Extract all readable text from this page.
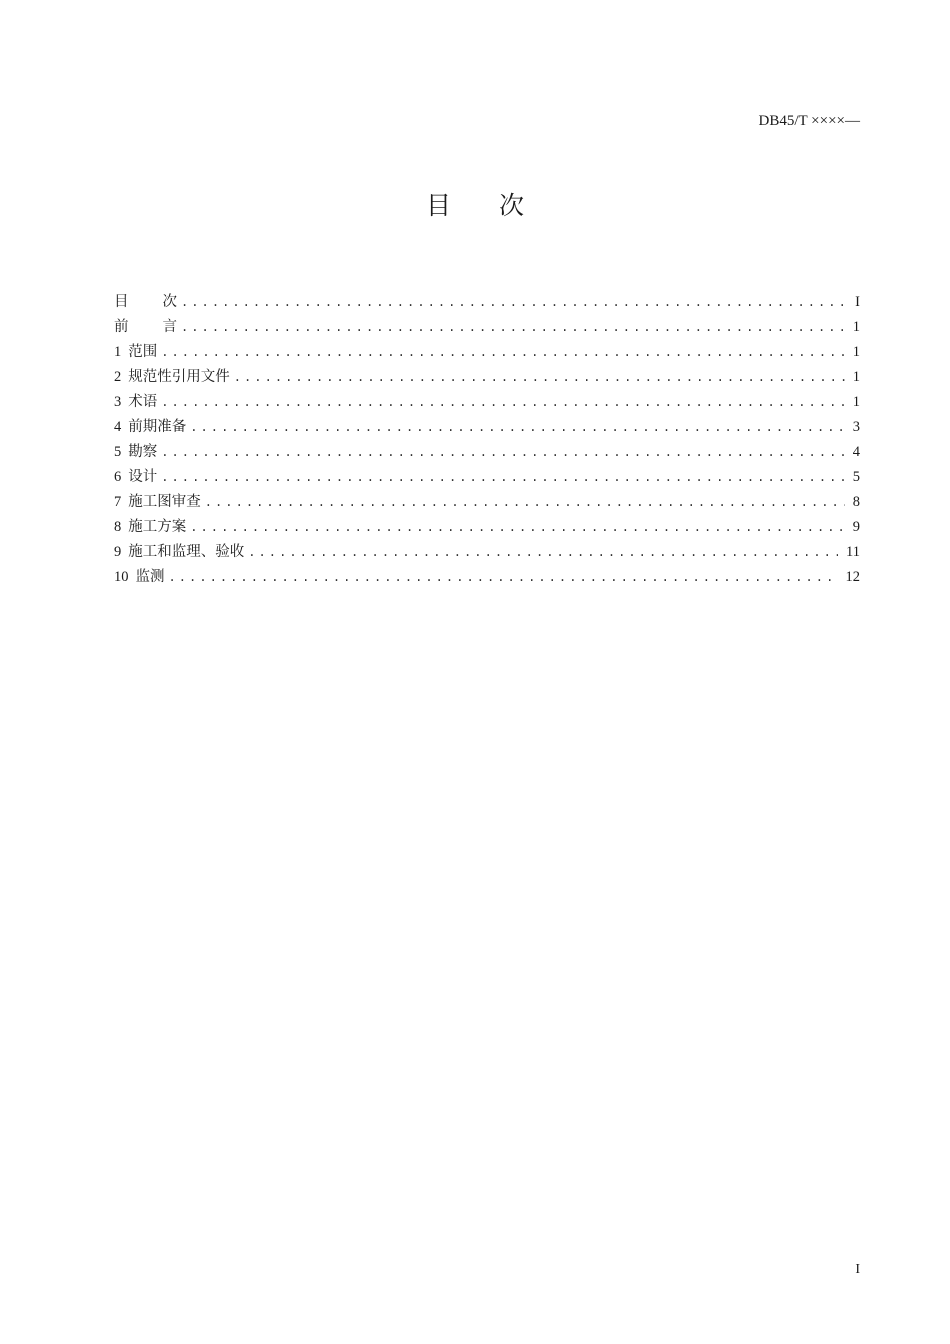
DB45/T ××××—
目 次
目 次 .....	I
前 言 .....	1
1 范围 .....	1
2 规范性引用文件 .....	1
3 术语 .....	1
4 前期准备 .....	3
5 勘察 .....	4
6 设计 .....	5
7 施工图审查 .....	8
8 施工方案 .....	9
9 施工和监理、验收 .....	11
10 监测 .....	12
I
